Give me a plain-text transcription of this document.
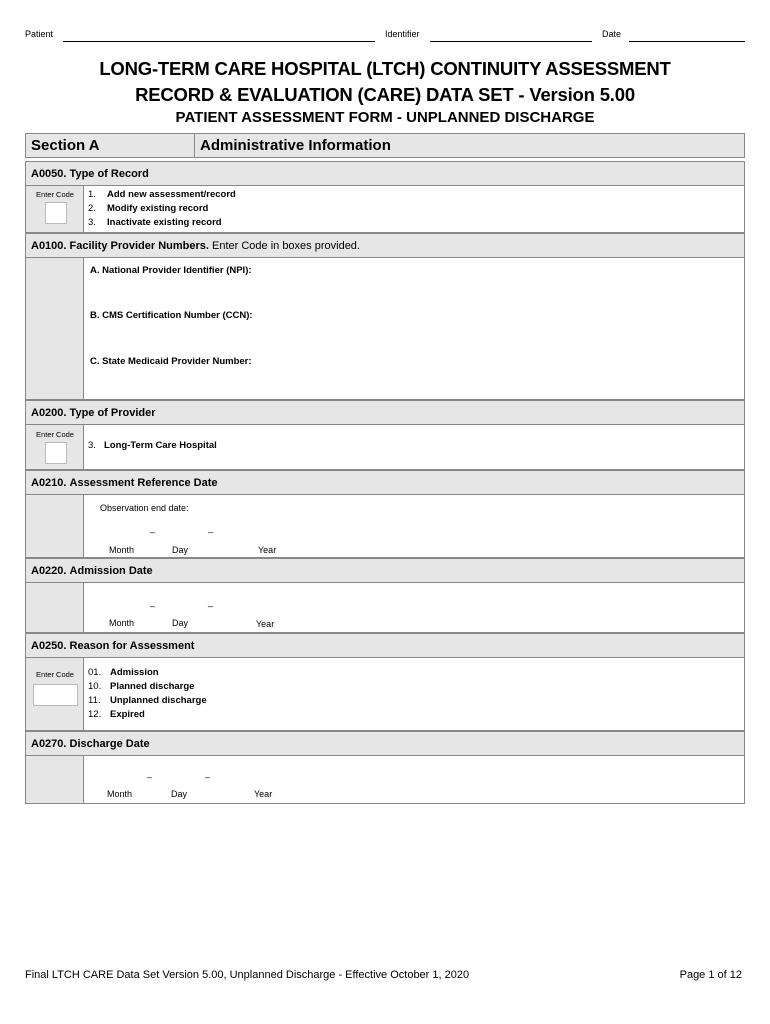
Patient	Identifier	Date
LONG-TERM CARE HOSPITAL (LTCH) CONTINUITY ASSESSMENT
RECORD & EVALUATION (CARE) DATA SET - Version 5.00
PATIENT ASSESSMENT FORM - UNPLANNED DISCHARGE
Section A	Administrative Information
A0050. Type of Record
Enter Code	1. Add new assessment/record
2. Modify existing record
3. Inactivate existing record
A0100. Facility Provider Numbers. Enter Code in boxes provided.
A. National Provider Identifier (NPI):
B. CMS Certification Number (CCN):
C. State Medicaid Provider Number:
A0200. Type of Provider
Enter Code
3. Long-Term Care Hospital
A0210. Assessment Reference Date
Observation end date:
_	_
Month	Day	Year
A0220. Admission Date
_	_
Month	Day	Year
A0250. Reason for Assessment
Enter Code	01. Admission
10. Planned discharge
11. Unplanned discharge
12. Expired
A0270. Discharge Date
_	_
Month	Day	Year
Final LTCH CARE Data Set Version 5.00, Unplanned Discharge - Effective October 1, 2020	Page 1 of 12
